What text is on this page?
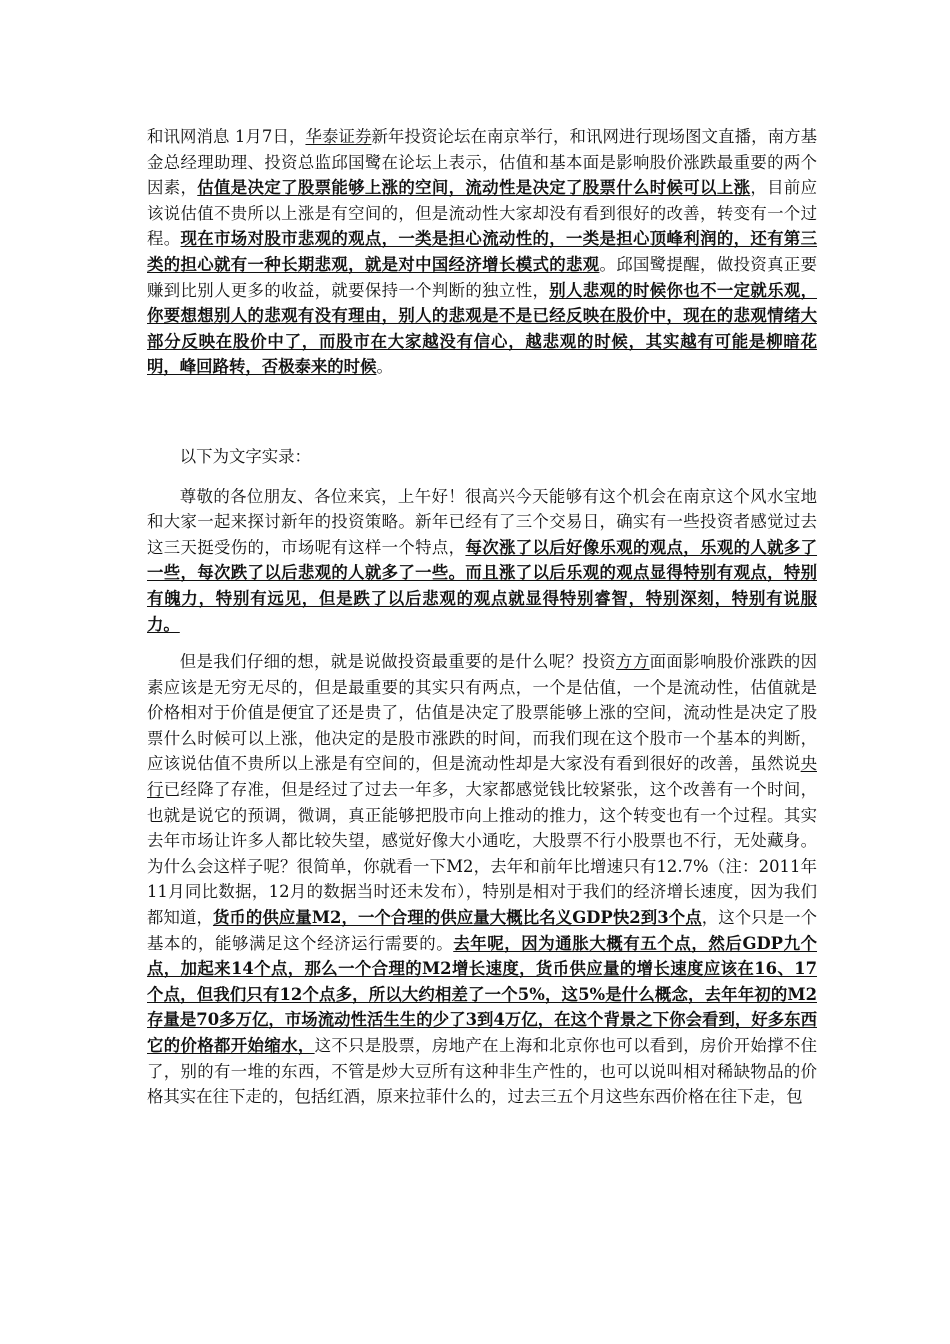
和讯网消息 1月7日，华泰证券新年投资论坛在南京举行，和讯网进行现场图文直播，南方基金总经理助理、投资总监邱国鹭在论坛上表示，估值和基本面是影响股价涨跌最重要的两个因素，估值是决定了股票能够上涨的空间，流动性是决定了股票什么时候可以上涨，目前应该说估值不贵所以上涨是有空间的，但是流动性大家却没有看到很好的改善，转变有一个过程。现在市场对股市悲观的观点，一类是担心流动性的，一类是担心顶峰利润的，还有第三类的担心就有一种长期悲观，就是对中国经济增长模式的悲观。邱国鹭提醒，做投资真正要赚到比别人更多的收益，就要保持一个判断的独立性，别人悲观的时候你也不一定就乐观，你要想想别人的悲观有没有理由，别人的悲观是不是已经反映在股价中，现在的悲观情绪大部分反映在股价中了，而股市在大家越没有信心，越悲观的时候，其实越有可能是柳暗花明，峰回路转，否极泰来的时候。

以下为文字实录：

尊敬的各位朋友、各位来宾，上午好！很高兴今天能够有这个机会在南京这个风水宝地和大家一起来探讨新年的投资策略。新年已经有了三个交易日，确实有一些投资者感觉过去这三天挺受伤的，市场呢有这样一个特点，每次涨了以后好像乐观的观点，乐观的人就多了一些，每次跌了以后悲观的人就多了一些。而且涨了以后乐观的观点显得特别有观点，特别有魄力，特别有远见，但是跌了以后悲观的观点就显得特别睿智，特别深刻，特别有说服力。

但是我们仔细的想，就是说做投资最重要的是什么呢？投资方方面面影响股价涨跌的因素应该是无穷无尽的，但是最重要的其实只有两点，一个是估值，一个是流动性，估值就是价格相对于价值是便宜了还是贵了，估值是决定了股票能够上涨的空间，流动性是决定了股票什么时候可以上涨，他决定的是股市涨跌的时间，而我们现在这个股市一个基本的判断，应该说估值不贵所以上涨是有空间的，但是流动性却是大家没有看到很好的改善，虽然说央行已经降了存准，但是经过了过去一年多，大家都感觉钱比较紧张，这个改善有一个时间，也就是说它的预调，微调，真正能够把股市向上推动的推力，这个转变也有一个过程。其实去年市场让许多人都比较失望，感觉好像大小通吃，大股票不行小股票也不行，无处藏身。为什么会这样子呢？很简单，你就看一下M2，去年和前年比增速只有12.7%（注：2011年11月同比数据，12月的数据当时还未发布），特别是相对于我们的经济增长速度，因为我们都知道，货币的供应量M2，一个合理的供应量大概比名义GDP快2到3个点，这个只是一个基本的，能够满足这个经济运行需要的。去年呢，因为通胀大概有五个点，然后GDP九个点，加起来14个点，那么一个合理的M2增长速度，货币供应量的增长速度应该在16、17个点，但我们只有12个点多，所以大约相差了一个5%，这5%是什么概念，去年年初的M2存量是70多万亿，市场流动性活生生的少了3到4万亿，在这个背景之下你会看到，好多东西它的价格都开始缩水，这不只是股票，房地产在上海和北京你也可以看到，房价开始撑不住了，别的有一堆的东西，不管是炒大豆所有这种非生产性的，也可以说叫相对稀缺物品的价格其实在往下走的，包括红酒，原来拉菲什么的，过去三五个月这些东西价格在往下走，包
